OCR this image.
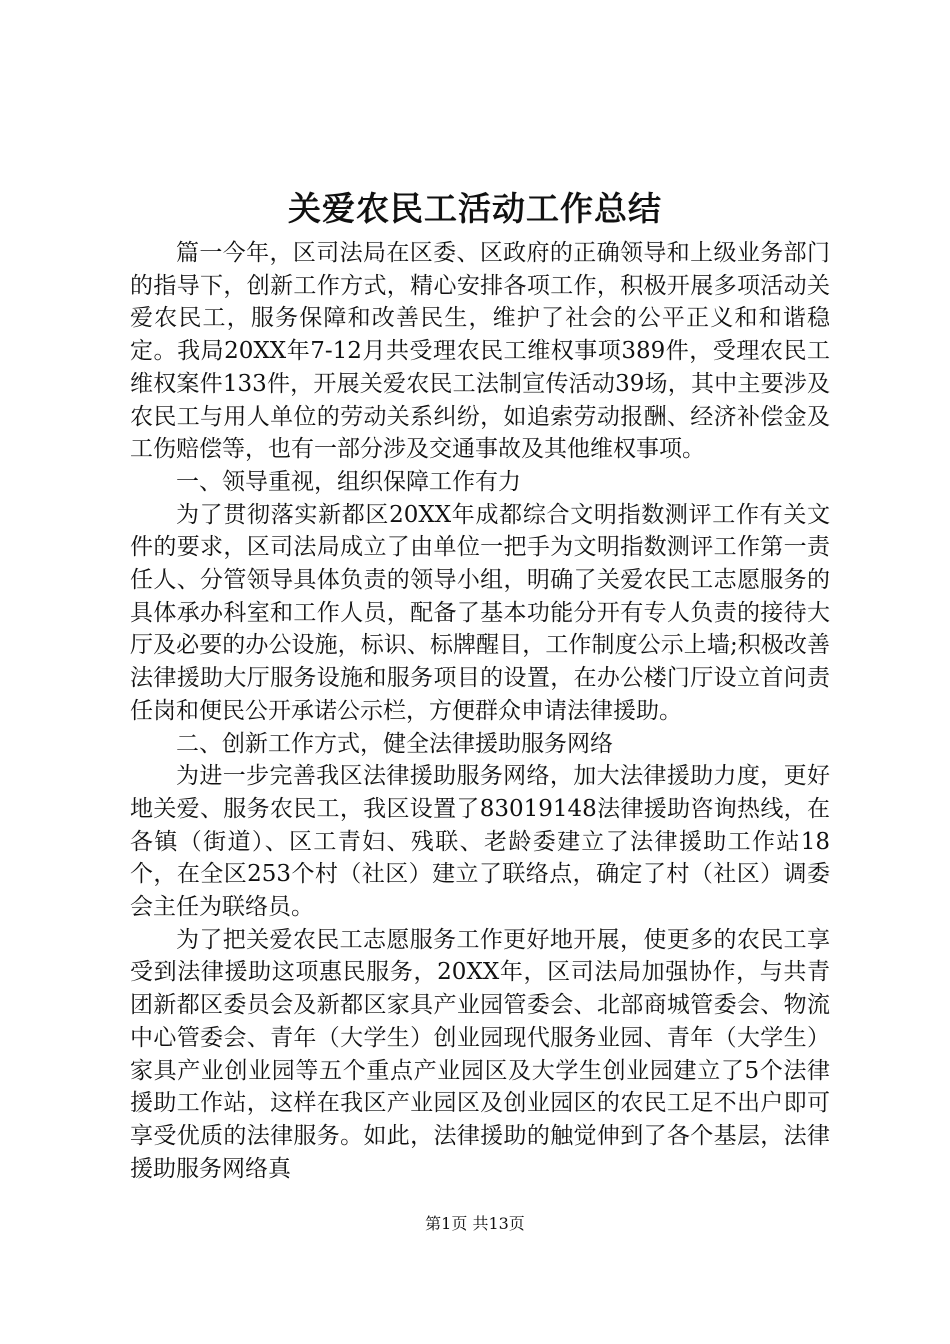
关爱农民工活动工作总结

篇一今年，区司法局在区委、区政府的正确领导和上级业务部门的指导下，创新工作方式，精心安排各项工作，积极开展多项活动关爱农民工，服务保障和改善民生，维护了社会的公平正义和和谐稳定。我局20XX年7-12月共受理农民工维权事项389件，受理农民工维权案件133件，开展关爱农民工法制宣传活动39场，其中主要涉及农民工与用人单位的劳动关系纠纷，如追索劳动报酬、经济补偿金及工伤赔偿等，也有一部分涉及交通事故及其他维权事项。

一、领导重视，组织保障工作有力

为了贯彻落实新都区20XX年成都综合文明指数测评工作有关文件的要求，区司法局成立了由单位一把手为文明指数测评工作第一责任人、分管领导具体负责的领导小组，明确了关爱农民工志愿服务的具体承办科室和工作人员，配备了基本功能分开有专人负责的接待大厅及必要的办公设施，标识、标牌醒目，工作制度公示上墙;积极改善法律援助大厅服务设施和服务项目的设置，在办公楼门厅设立首问责任岗和便民公开承诺公示栏，方便群众申请法律援助。

二、创新工作方式，健全法律援助服务网络

为进一步完善我区法律援助服务网络，加大法律援助力度，更好地关爱、服务农民工，我区设置了83019148法律援助咨询热线，在各镇（街道）、区工青妇、残联、老龄委建立了法律援助工作站18个，在全区253个村（社区）建立了联络点，确定了村（社区）调委会主任为联络员。

为了把关爱农民工志愿服务工作更好地开展，使更多的农民工享受到法律援助这项惠民服务，20XX年，区司法局加强协作，与共青团新都区委员会及新都区家具产业园管委会、北部商城管委会、物流中心管委会、青年（大学生）创业园现代服务业园、青年（大学生）家具产业创业园等五个重点产业园区及大学生创业园建立了5个法律援助工作站，这样在我区产业园区及创业园区的农民工足不出户即可享受优质的法律服务。如此，法律援助的触觉伸到了各个基层，法律援助服务网络真

第1页 共13页
